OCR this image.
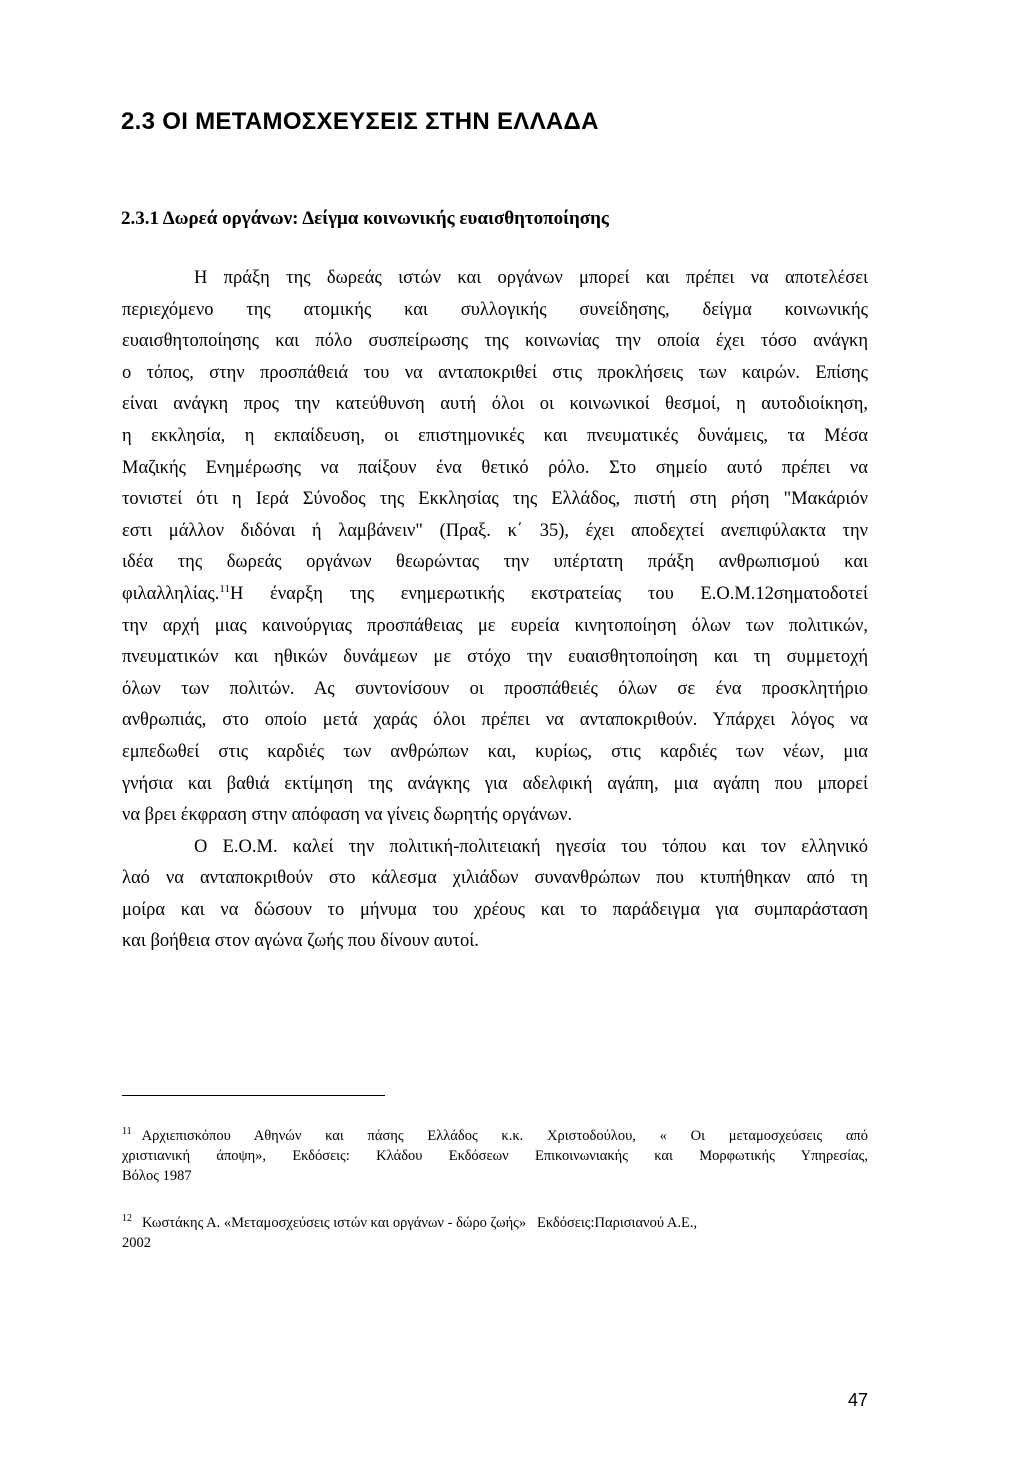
2.3 ΟΙ ΜΕΤΑΜΟΣΧΕΥΣΕΙΣ ΣΤΗΝ ΕΛΛΑΔΑ
2.3.1 Δωρεά οργάνων: Δείγμα κοινωνικής ευαισθητοποίησης
Η πράξη της δωρεάς ιστών και οργάνων μπορεί και πρέπει να αποτελέσει
περιεχόμενο της ατομικής και συλλογικής συνείδησης, δείγμα κοινωνικής
ευαισθητοποίησης και πόλο συσπείρωσης της κοινωνίας την οποία έχει τόσο ανάγκη
ο τόπος, στην προσπάθειά του να ανταποκριθεί στις προκλήσεις των καιρών. Επίσης
είναι ανάγκη προς την κατεύθυνση αυτή όλοι οι κοινωνικοί θεσμοί, η αυτοδιοίκηση,
η εκκλησία, η εκπαίδευση, οι επιστημονικές και πνευματικές δυνάμεις, τα Μέσα
Μαζικής Ενημέρωσης να παίξουν ένα θετικό ρόλο. Στο σημείο αυτό πρέπει να
τονιστεί ότι η Ιερά Σύνοδος της Εκκλησίας της Ελλάδος, πιστή στη ρήση "Μακάριόν
εστι μάλλον διδόναι ή λαμβάνειν" (Πραξ. κ΄ 35), έχει αποδεχτεί ανεπιφύλακτα την
ιδέα της δωρεάς οργάνων θεωρώντας την υπέρτατη πράξη ανθρωπισμού και
φιλαλληλίας.$^{11}$Η έναρξη της ενημερωτικής εκστρατείας του Ε.Ο.Μ.12σηματοδοτεί
την αρχή μιας καινούργιας προσπάθειας με ευρεία κινητοποίηση όλων των πολιτικών,
πνευματικών και ηθικών δυνάμεων με στόχο την ευαισθητοποίηση και τη συμμετοχή
όλων των πολιτών. Ας συντονίσουν οι προσπάθειές όλων σε ένα προσκλητήριο
ανθρωπιάς, στο οποίο μετά χαράς όλοι πρέπει να ανταποκριθούν. Υπάρχει λόγος να
εμπεδωθεί στις καρδιές των ανθρώπων και, κυρίως, στις καρδιές των νέων, μια
γνήσια και βαθιά εκτίμηση της ανάγκης για αδελφική αγάπη, μια αγάπη που μπορεί
να βρει έκφραση στην απόφαση να γίνεις δωρητής οργάνων.
Ο Ε.Ο.Μ. καλεί την πολιτική-πολιτειακή ηγεσία του τόπου και τον ελληνικό
λαό να ανταποκριθούν στο κάλεσμα χιλιάδων συνανθρώπων που κτυπήθηκαν από τη
μοίρα και να δώσουν το μήνυμα του χρέους και το παράδειγμα για συμπαράσταση
και βοήθεια στον αγώνα ζωής που δίνουν αυτοί.
$^{11}$ Αρχιεπισκόπου Αθηνών και πάσης Ελλάδος κ.κ. Χριστοδούλου, « Οι μεταμοσχεύσεις από
χριστιανική άποψη», Εκδόσεις: Κλάδου Εκδόσεων Επικοινωνιακής και Μορφωτικής Υπηρεσίας,
Βόλος 1987
$^{12}$ Κωστάκης Α. «Μεταμοσχεύσεις ιστών και οργάνων - δώρο ζωής»   Εκδόσεις:Παρισιανού Α.Ε.,
2002
47
